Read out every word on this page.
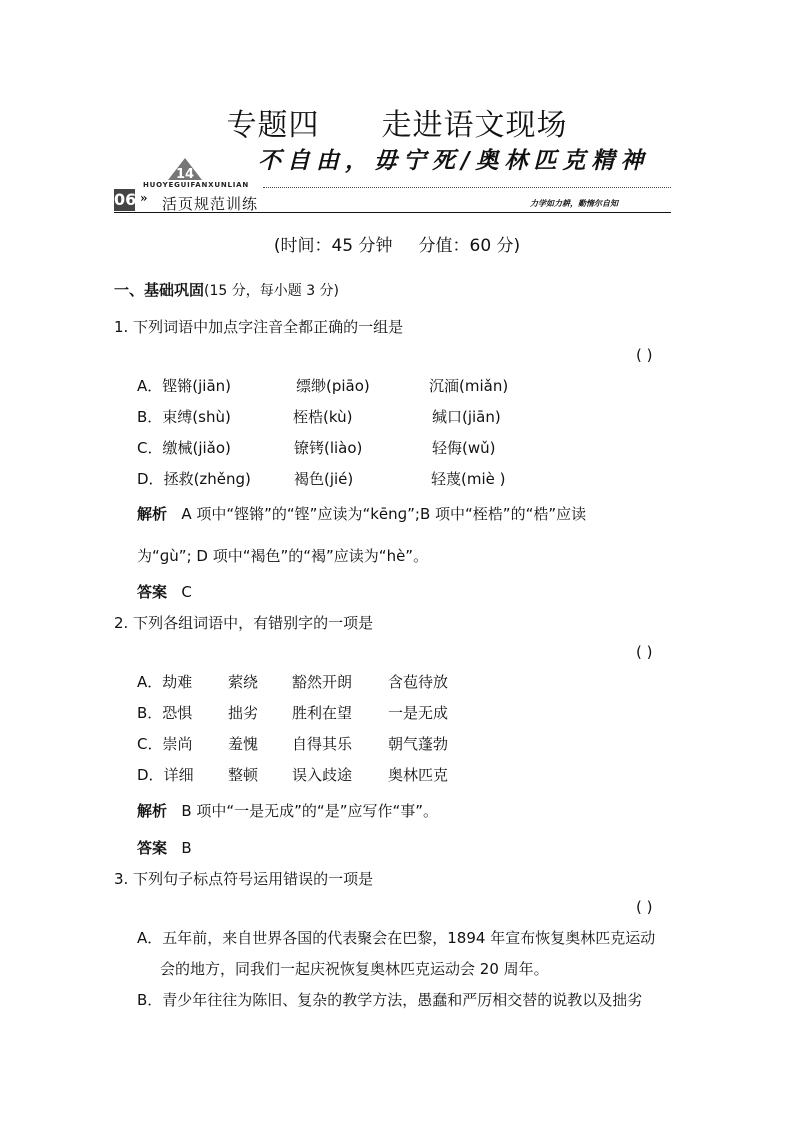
专题四 走进语文现场
不自由，毋宁死/奥林匹克精神
14
HUOYEGUIFANXUNLIAN
06 » 活页规范训练	力学如力耕，勤惰尔自知
(时间：45 分钟 分值：60 分)
一、基础巩固(15 分，每小题 3 分)
1. 下列词语中加点字注音全都正确的一组是
( )
A．铿锵(jiān)	缥缈(piāo)	沉湎(miǎn)
B．束缚(shù)	桎梏(kù)	缄口(jiān)
C．缴械(jiǎo)	镣铐(liào)	轻侮(wǔ)
D．拯救(zhěng)	褐色(jié)	轻蔑(miè )
解析 A 项中“铿锵”的“铿”应读为“kēnɡ”;B 项中“桎梏”的“梏”应读
为“ɡù”; D 项中“褐色”的“褐”应读为“hè”。
答案 C
2. 下列各组词语中，有错别字的一项是
( )
A．劫难 萦绕 豁然开朗 含苞待放
B．恐惧 拙劣 胜利在望 一是无成
C．崇尚 羞愧 自得其乐 朝气蓬勃
D．详细 整顿 误入歧途 奥林匹克
解析 B 项中“一是无成”的“是”应写作“事”。
答案 B
3. 下列句子标点符号运用错误的一项是
( )
A．五年前，来自世界各国的代表聚会在巴黎，1894 年宣布恢复奥林匹克运动
会的地方，同我们一起庆祝恢复奥林匹克运动会 20 周年。
B．青少年往往为陈旧、复杂的教学方法，愚蠢和严厉相交替的说教以及拙劣
